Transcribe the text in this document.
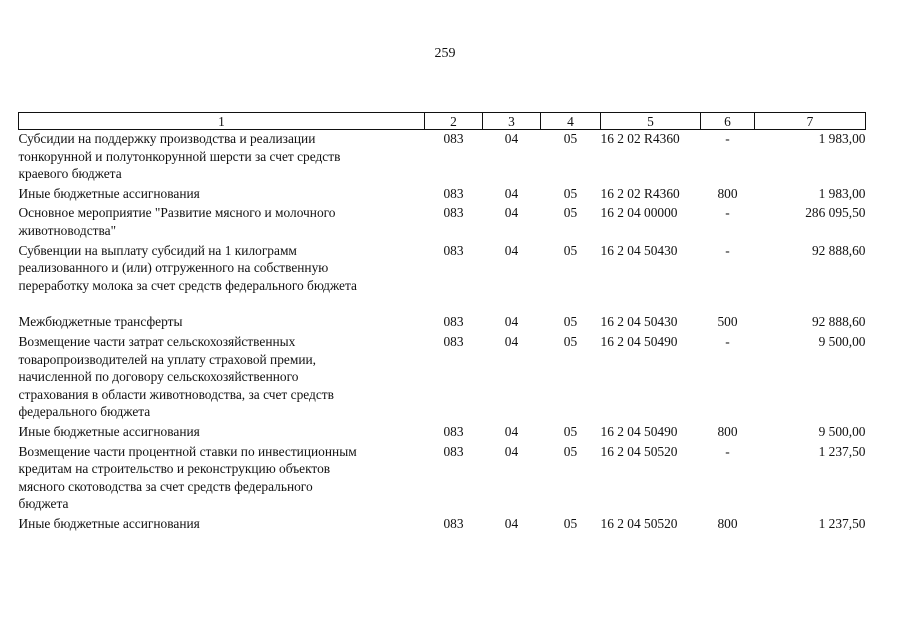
259
1	2	3	4	5	6	7

Субсидии на поддержку производства и реализации
тонкорунной и полутонкорунной шерсти за счет средств
краевого бюджета	083	04	05	16 2 02 R4360	-	1 983,00

Иные бюджетные ассигнования	083	04	05	16 2 02 R4360	800	1 983,00

Основное мероприятие "Развитие мясного и молочного
животноводства"	083	04	05	16 2 04 00000	-	286 095,50

Субвенции на выплату субсидий на 1 килограмм
реализованного и (или) отгруженного на собственную
переработку молока за счет средств федерального бюджета	083	04	05	16 2 04 50430	-	92 888,60

Межбюджетные трансферты	083	04	05	16 2 04 50430	500	92 888,60

Возмещение части затрат сельскохозяйственных
товаропроизводителей на уплату страховой премии,
начисленной по договору сельскохозяйственного
страхования в области животноводства, за счет средств
федерального бюджета	083	04	05	16 2 04 50490	-	9 500,00

Иные бюджетные ассигнования	083	04	05	16 2 04 50490	800	9 500,00

Возмещение части процентной ставки по инвестиционным
кредитам на строительство и реконструкцию объектов
мясного скотоводства за счет средств федерального
бюджета	083	04	05	16 2 04 50520	-	1 237,50

Иные бюджетные ассигнования	083	04	05	16 2 04 50520	800	1 237,50
